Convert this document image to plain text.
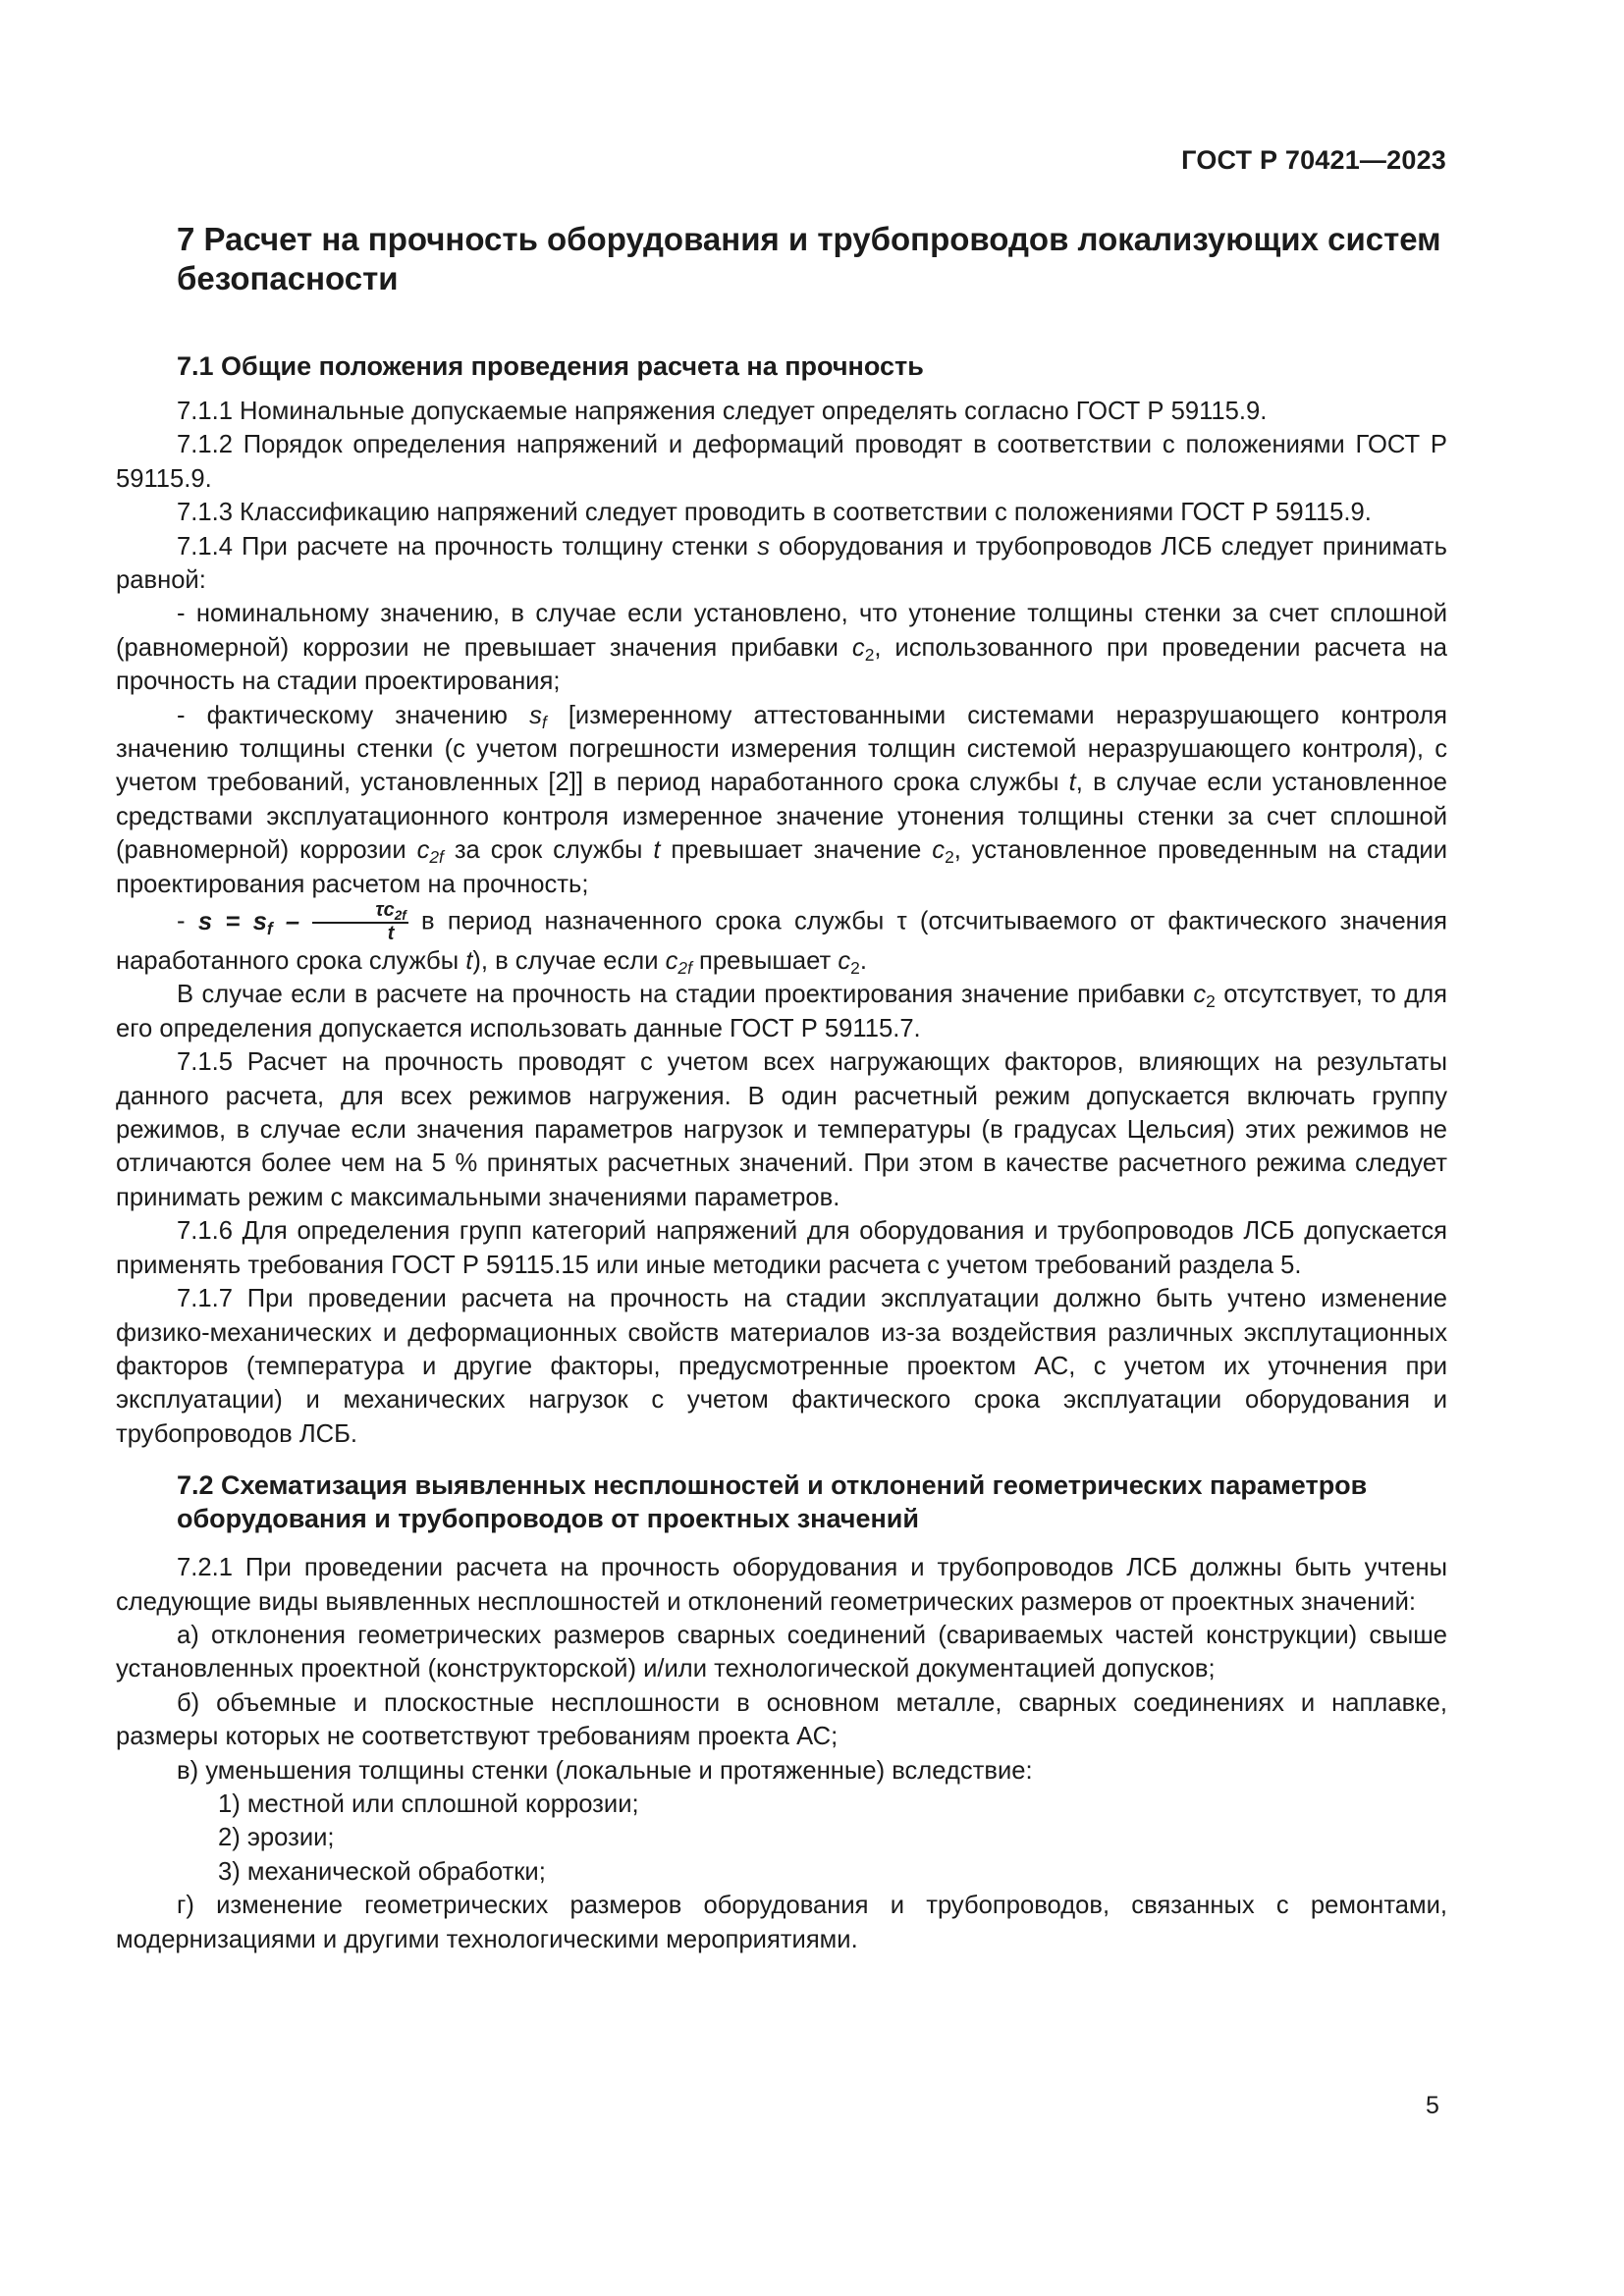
ГОСТ Р 70421—2023
7 Расчет на прочность оборудования и трубопроводов локализующих систем безопасности
7.1 Общие положения проведения расчета на прочность

7.1.1 Номинальные допускаемые напряжения следует определять согласно ГОСТ Р 59115.9.

7.1.2 Порядок определения напряжений и деформаций проводят в соответствии с положениями ГОСТ Р 59115.9.

7.1.3 Классификацию напряжений следует проводить в соответствии с положениями ГОСТ Р 59115.9.

7.1.4 При расчете на прочность толщину стенки s оборудования и трубопроводов ЛСБ следует принимать равной:

- номинальному значению, в случае если установлено, что утонение толщины стенки за счет сплошной (равномерной) коррозии не превышает значения прибавки $c_2$, использованного при проведении расчета на прочность на стадии проектирования;

- фактическому значению $s_f$ [измеренному аттестованными системами неразрушающего контроля значению толщины стенки (с учетом погрешности измерения толщин системой неразрушающего контроля), с учетом требований, установленных [2]] в период наработанного срока службы t, в случае если установленное средствами эксплуатационного контроля измеренное значение утонения толщины стенки за счет сплошной (равномерной) коррозии $c_{2f}$ за срок службы t превышает значение $c_2$, установленное проведенным на стадии проектирования расчетом на прочность;

- $s = s_f - \frac{\tau c_{2f}}{t}$ в период назначенного срока службы τ (отсчитываемого от фактического значения наработанного срока службы t), в случае если $c_{2f}$ превышает $c_2$.

В случае если в расчете на прочность на стадии проектирования значение прибавки $c_2$ отсутствует, то для его определения допускается использовать данные ГОСТ Р 59115.7.

7.1.5 Расчет на прочность проводят с учетом всех нагружающих факторов, влияющих на результаты данного расчета, для всех режимов нагружения. В один расчетный режим допускается включать группу режимов, в случае если значения параметров нагрузок и температуры (в градусах Цельсия) этих режимов не отличаются более чем на 5 % принятых расчетных значений. При этом в качестве расчетного режима следует принимать режим с максимальными значениями параметров.

7.1.6 Для определения групп категорий напряжений для оборудования и трубопроводов ЛСБ допускается применять требования ГОСТ Р 59115.15 или иные методики расчета с учетом требований раздела 5.

7.1.7 При проведении расчета на прочность на стадии эксплуатации должно быть учтено изменение физико-механических и деформационных свойств материалов из-за воздействия различных эксплутационных факторов (температура и другие факторы, предусмотренные проектом АС, с учетом их уточнения при эксплуатации) и механических нагрузок с учетом фактического срока эксплуатации оборудования и трубопроводов ЛСБ.

7.2 Схематизация выявленных несплошностей и отклонений геометрических параметров оборудования и трубопроводов от проектных значений

7.2.1 При проведении расчета на прочность оборудования и трубопроводов ЛСБ должны быть учтены следующие виды выявленных несплошностей и отклонений геометрических размеров от проектных значений:

а) отклонения геометрических размеров сварных соединений (свариваемых частей конструкции) свыше установленных проектной (конструкторской) и/или технологической документацией допусков;

б) объемные и плоскостные несплошности в основном металле, сварных соединениях и наплавке, размеры которых не соответствуют требованиям проекта АС;

в) уменьшения толщины стенки (локальные и протяженные) вследствие:

1) местной или сплошной коррозии;

2) эрозии;

3) механической обработки;

г) изменение геометрических размеров оборудования и трубопроводов, связанных с ремонтами, модернизациями и другими технологическими мероприятиями.

5
